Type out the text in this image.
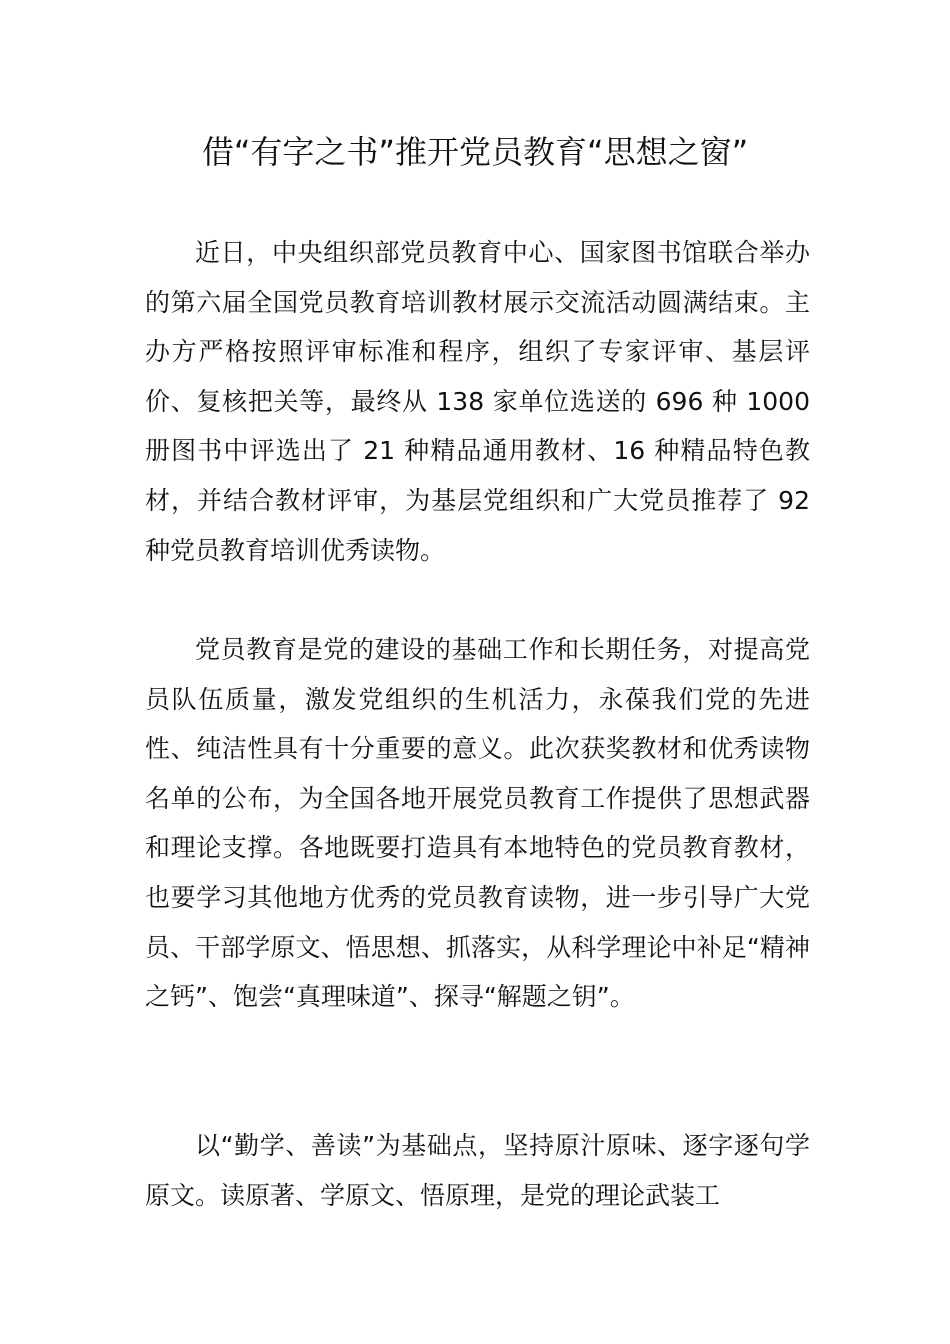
借“有字之书”推开党员教育“思想之窗”

近日，中央组织部党员教育中心、国家图书馆联合举办的第六届全国党员教育培训教材展示交流活动圆满结束。主办方严格按照评审标准和程序，组织了专家评审、基层评价、复核把关等，最终从 138 家单位选送的 696 种 1000 册图书中评选出了 21 种精品通用教材、16 种精品特色教材，并结合教材评审，为基层党组织和广大党员推荐了 92 种党员教育培训优秀读物。

党员教育是党的建设的基础工作和长期任务，对提高党员队伍质量，激发党组织的生机活力，永葆我们党的先进性、纯洁性具有十分重要的意义。此次获奖教材和优秀读物名单的公布，为全国各地开展党员教育工作提供了思想武器和理论支撑。各地既要打造具有本地特色的党员教育教材，也要学习其他地方优秀的党员教育读物，进一步引导广大党员、干部学原文、悟思想、抓落实，从科学理论中补足“精神之钙”、饱尝“真理味道”、探寻“解题之钥”。

以“勤学、善读”为基础点，坚持原汁原味、逐字逐句学原文。读原著、学原文、悟原理，是党的理论武装工
